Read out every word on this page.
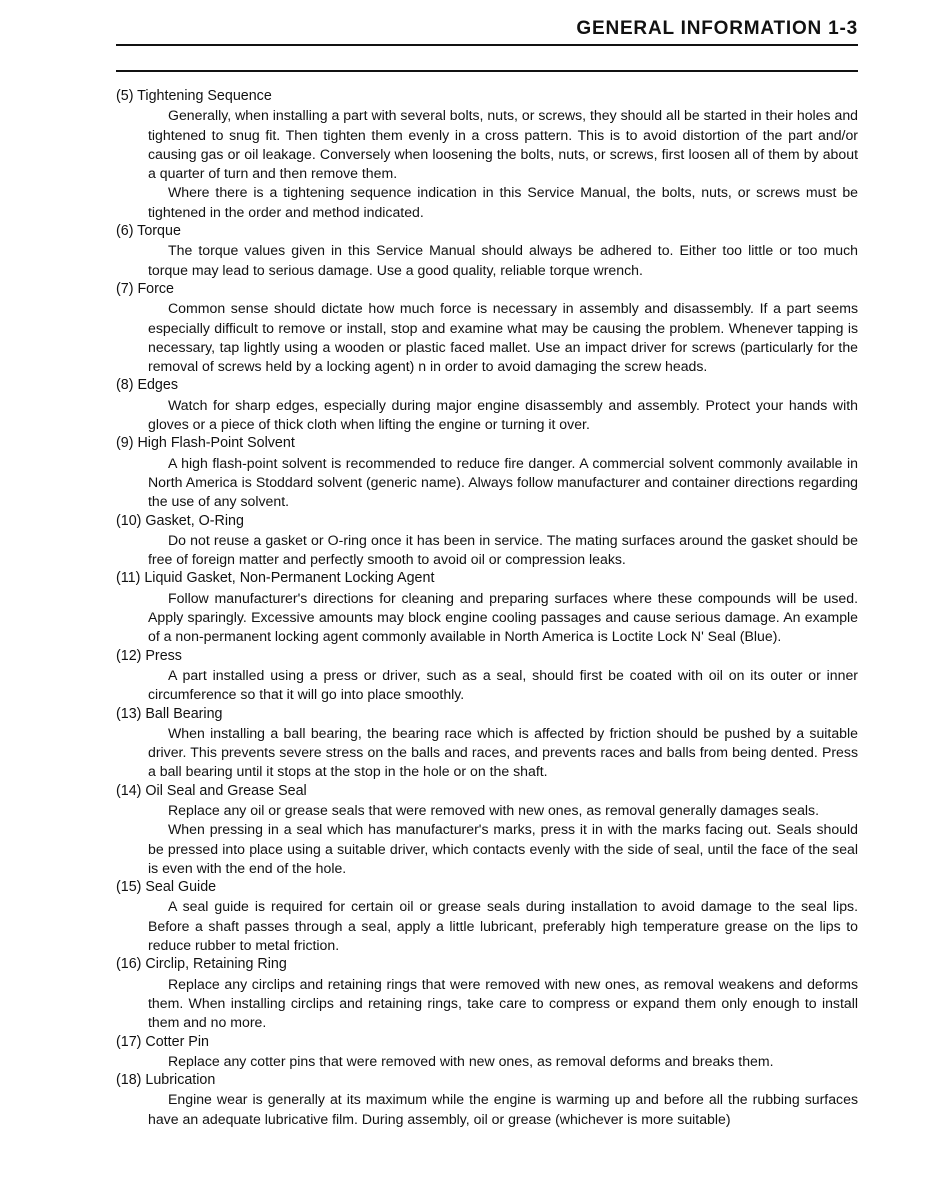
GENERAL INFORMATION 1-3

(5) Tightening Sequence

Generally, when installing a part with several bolts, nuts, or screws, they should all be started in their holes and tightened to snug fit. Then tighten them evenly in a cross pattern. This is to avoid distortion of the part and/or causing gas or oil leakage. Conversely when loosening the bolts, nuts, or screws, first loosen all of them by about a quarter of turn and then remove them.

Where there is a tightening sequence indication in this Service Manual, the bolts, nuts, or screws must be tightened in the order and method indicated.

(6) Torque

The torque values given in this Service Manual should always be adhered to. Either too little or too much torque may lead to serious damage. Use a good quality, reliable torque wrench.

(7) Force

Common sense should dictate how much force is necessary in assembly and disassembly. If a part seems especially difficult to remove or install, stop and examine what may be causing the problem. Whenever tapping is necessary, tap lightly using a wooden or plastic faced mallet. Use an impact driver for screws (particularly for the removal of screws held by a locking agent) n in order to avoid damaging the screw heads.

(8) Edges

Watch for sharp edges, especially during major engine disassembly and assembly. Protect your hands with gloves or a piece of thick cloth when lifting the engine or turning it over.

(9) High Flash-Point Solvent

A high flash-point solvent is recommended to reduce fire danger. A commercial solvent commonly available in North America is Stoddard solvent (generic name). Always follow manufacturer and container directions regarding the use of any solvent.

(10) Gasket, O-Ring

Do not reuse a gasket or O-ring once it has been in service. The mating surfaces around the gasket should be free of foreign matter and perfectly smooth to avoid oil or compression leaks.

(11) Liquid Gasket, Non-Permanent Locking Agent

Follow manufacturer's directions for cleaning and preparing surfaces where these compounds will be used. Apply sparingly. Excessive amounts may block engine cooling passages and cause serious damage. An example of a non-permanent locking agent commonly available in North America is Loctite Lock N' Seal (Blue).

(12) Press

A part installed using a press or driver, such as a seal, should first be coated with oil on its outer or inner circumference so that it will go into place smoothly.

(13) Ball Bearing

When installing a ball bearing, the bearing race which is affected by friction should be pushed by a suitable driver. This prevents severe stress on the balls and races, and prevents races and balls from being dented. Press a ball bearing until it stops at the stop in the hole or on the shaft.

(14) Oil Seal and Grease Seal

Replace any oil or grease seals that were removed with new ones, as removal generally damages seals.

When pressing in a seal which has manufacturer's marks, press it in with the marks facing out. Seals should be pressed into place using a suitable driver, which contacts evenly with the side of seal, until the face of the seal is even with the end of the hole.

(15) Seal Guide

A seal guide is required for certain oil or grease seals during installation to avoid damage to the seal lips. Before a shaft passes through a seal, apply a little lubricant, preferably high temperature grease on the lips to reduce rubber to metal friction.

(16) Circlip, Retaining Ring

Replace any circlips and retaining rings that were removed with new ones, as removal weakens and deforms them. When installing circlips and retaining rings, take care to compress or expand them only enough to install them and no more.

(17) Cotter Pin

Replace any cotter pins that were removed with new ones, as removal deforms and breaks them.

(18) Lubrication

Engine wear is generally at its maximum while the engine is warming up and before all the rubbing surfaces have an adequate lubricative film. During assembly, oil or grease (whichever is more suitable)
